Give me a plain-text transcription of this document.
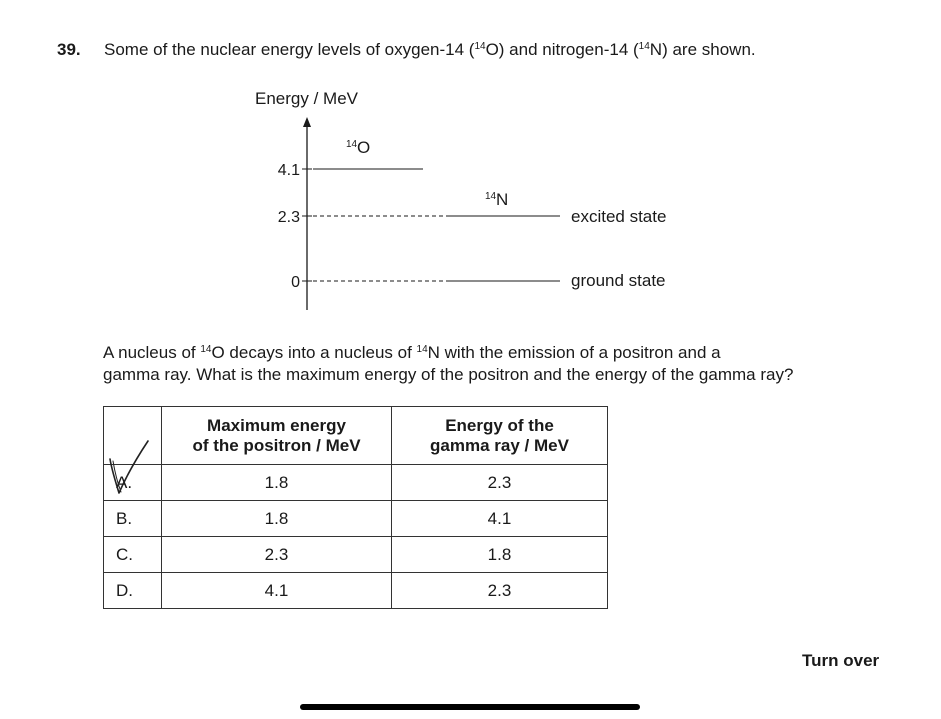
39. Some of the nuclear energy levels of oxygen-14 ($^{14}$O) and nitrogen-14 ($^{14}$N) are shown.
Energy / MeV
4.1
2.3
0
14 O
14 N
excited state
ground state
A nucleus of $^{14}$O decays into a nucleus of $^{14}$N with the emission of a positron and a
gamma ray. What is the maximum energy of the positron and the energy of the gamma ray?
	Maximum energy
of the positron / MeV	Energy of the
gamma ray / MeV
A.	1.8	2.3
B.	1.8	4.1
C.	2.3	1.8
D.	4.1	2.3
Turn over
